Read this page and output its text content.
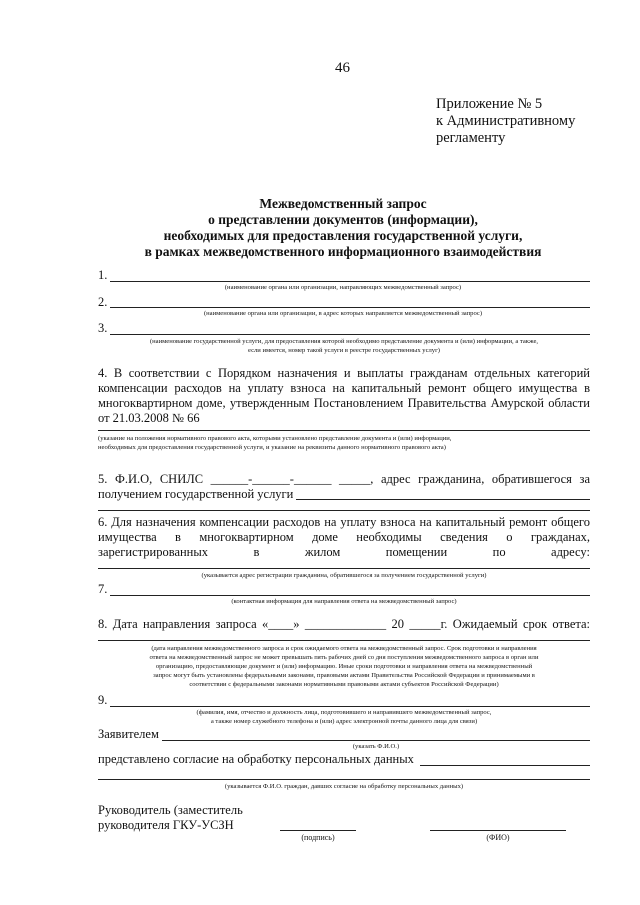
46
Приложение № 5
к Административному
регламенту
Межведомственный запрос
о представлении документов (информации),
необходимых для предоставления государственной услуги,
в рамках межведомственного информационного взаимодействия
1.
(наименование органа или организации, направляющих межведомственный запрос)
2.
(наименование органа или организации, в адрес которых направляется межведомственный запрос)
3.
(наименование государственной услуги, для предоставления которой необходимо представление документа и (или) информации, а также,
если имеется, номер такой услуги в реестре государственных услуг)
4. В соответствии с Порядком назначения и выплаты гражданам отдельных категорий
компенсации расходов на уплату взноса на капитальный ремонт общего имущества в
многоквартирном доме, утвержденным Постановлением Правительства Амурской области
от 21.03.2008 № 66
(указание на положения нормативного правового акта, которыми установлено представление документа и (или) информации,
необходимых для предоставления государственной услуги, и указание на реквизиты данного нормативного правового акта)
5. Ф.И.О, СНИЛС ______-______-______ _____, адрес гражданина, обратившегося за
получением государственной услуги
6. Для назначения компенсации расходов на уплату взноса на капитальный ремонт общего
имущества в многоквартирном доме необходимы сведения о гражданах,
зарегистрированных в жилом помещении по адресу:
(указывается адрес регистрации гражданина, обратившегося за получением государственной услуги)
7.
(контактная информация для направления ответа на межведомственный запрос)
8. Дата направления запроса «____» _____________ 20 _____г. Ожидаемый срок ответа:
(дата направления межведомственного запроса и срок ожидаемого ответа на межведомственный запрос. Срок подготовки и направления
ответа на межведомственный запрос не может превышать пять рабочих дней со дня поступления межведомственного запроса в орган или
организацию, предоставляющие документ и (или) информацию. Иные сроки подготовки и направления ответа на межведомственный
запрос могут быть установлены федеральными законами, правовыми актами Правительства Российской Федерации и принимаемыми в
соответствии с федеральными законами нормативными правовыми актами субъектов Российской Федерации)
9.
(фамилия, имя, отчество и должность лица, подготовившего и направившего межведомственный запрос,
а также номер служебного телефона и (или) адрес электронной почты данного лица для связи)
Заявителем
(указать Ф.И.О.)
представлено согласие на обработку персональных данных
(указывается Ф.И.О. граждан, давших согласие на обработку персональных данных)
Руководитель (заместитель
руководителя ГКУ-УСЗН
(подпись)	(ФИО)
